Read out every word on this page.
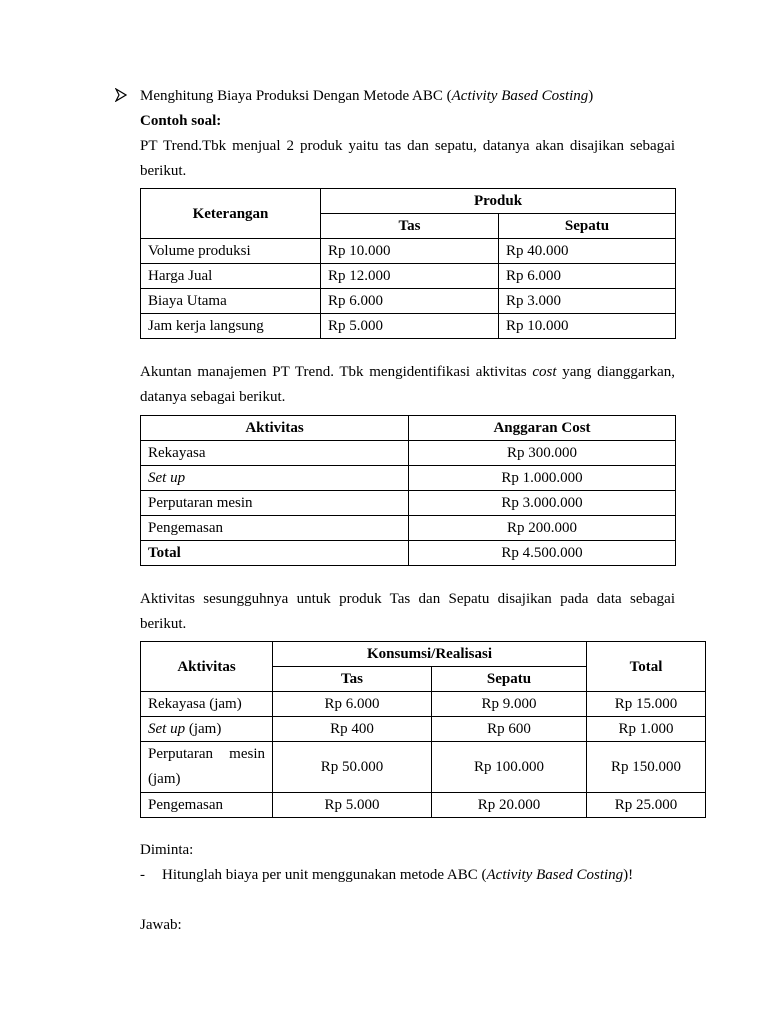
Menghitung Biaya Produksi Dengan Metode ABC (Activity Based Costing)
Contoh soal:
PT Trend.Tbk menjual 2 produk yaitu tas dan sepatu, datanya akan disajikan sebagai
berikut.
Keterangan	Produk	
	Tas	Sepatu
Volume produksi	Rp 10.000	Rp 40.000
Harga Jual	Rp 12.000	Rp 6.000
Biaya Utama	Rp 6.000	Rp 3.000
Jam kerja langsung	Rp 5.000	Rp 10.000
Akuntan manajemen PT Trend. Tbk mengidentifikasi aktivitas cost yang dianggarkan,
datanya sebagai berikut.
Aktivitas	Anggaran Cost
Rekayasa	Rp 300.000
Set up	Rp 1.000.000
Perputaran mesin	Rp 3.000.000
Pengemasan	Rp 200.000
Total	Rp 4.500.000
Aktivitas sesungguhnya untuk produk Tas dan Sepatu disajikan pada data sebagai
berikut.
Aktivitas	Konsumsi/Realisasi		Total
	Tas	Sepatu	
Rekayasa (jam)	Rp 6.000	Rp 9.000	Rp 15.000
Set up (jam)	Rp 400	Rp 600	Rp 1.000

Perputaran mesin
(jam)	Rp 50.000	Rp 100.000	Rp 150.000
Pengemasan	Rp 5.000	Rp 20.000	Rp 25.000
Diminta:
- Hitunglah biaya per unit menggunakan metode ABC (Activity Based Costing)!
Jawab:
